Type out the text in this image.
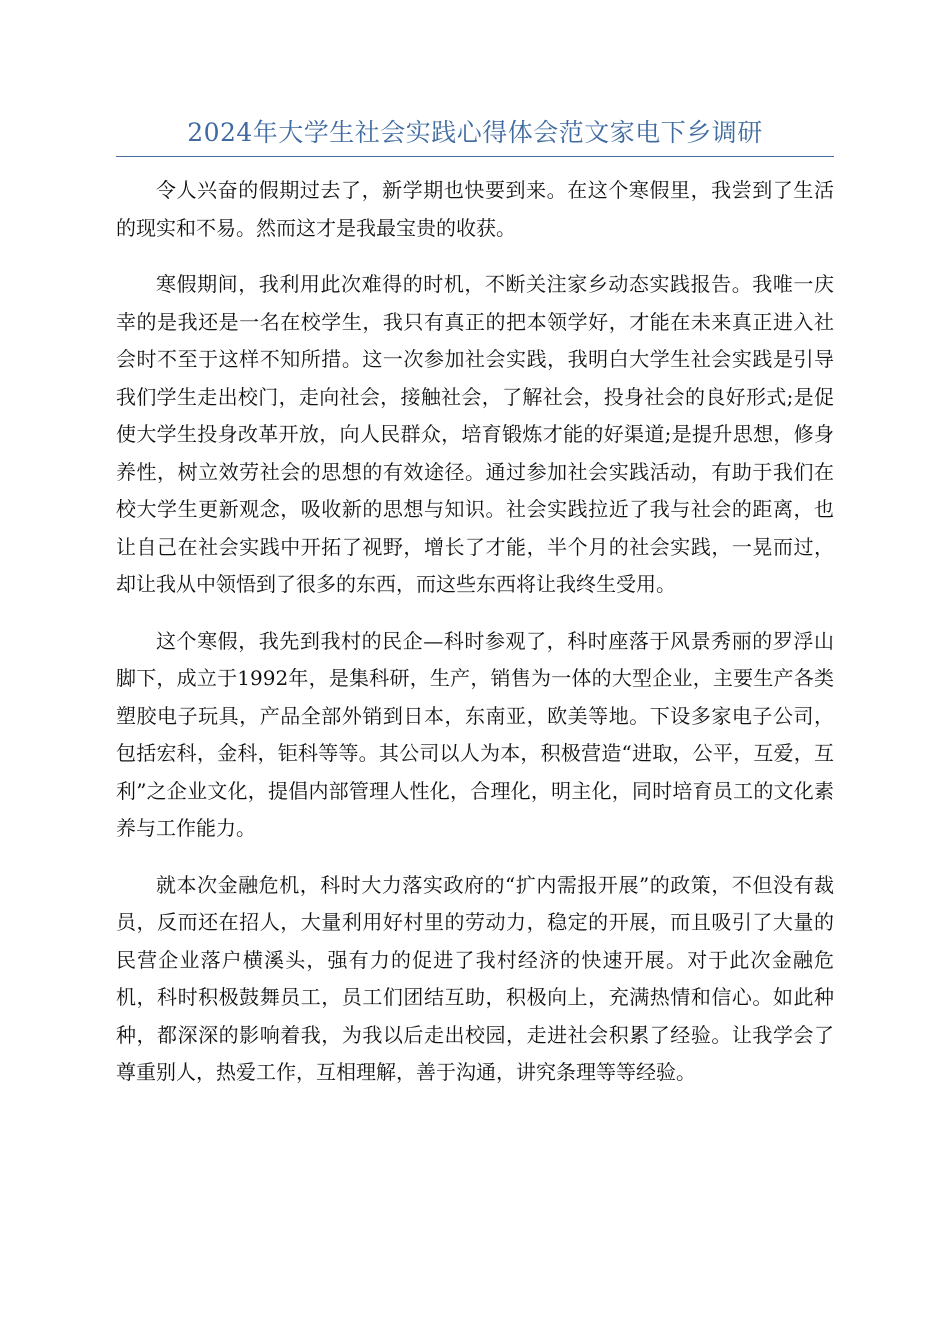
2024年大学生社会实践心得体会范文家电下乡调研

令人兴奋的假期过去了，新学期也快要到来。在这个寒假里，我尝到了生活的现实和不易。然而这才是我最宝贵的收获。

寒假期间，我利用此次难得的时机，不断关注家乡动态实践报告。我唯一庆幸的是我还是一名在校学生，我只有真正的把本领学好，才能在未来真正进入社会时不至于这样不知所措。这一次参加社会实践，我明白大学生社会实践是引导我们学生走出校门，走向社会，接触社会，了解社会，投身社会的良好形式;是促使大学生投身改革开放，向人民群众，培育锻炼才能的好渠道;是提升思想，修身养性，树立效劳社会的思想的有效途径。通过参加社会实践活动，有助于我们在校大学生更新观念，吸收新的思想与知识。社会实践拉近了我与社会的距离，也让自己在社会实践中开拓了视野，增长了才能，半个月的社会实践，一晃而过，却让我从中领悟到了很多的东西，而这些东西将让我终生受用。

这个寒假，我先到我村的民企—科时参观了，科时座落于风景秀丽的罗浮山脚下，成立于1992年，是集科研，生产，销售为一体的大型企业，主要生产各类塑胶电子玩具，产品全部外销到日本，东南亚，欧美等地。下设多家电子公司，包括宏科，金科，钜科等等。其公司以人为本，积极营造“进取，公平，互爱，互利”之企业文化，提倡内部管理人性化，合理化，明主化，同时培育员工的文化素养与工作能力。

就本次金融危机，科时大力落实政府的“扩内需报开展”的政策，不但没有裁员，反而还在招人，大量利用好村里的劳动力，稳定的开展，而且吸引了大量的民营企业落户横溪头，强有力的促进了我村经济的快速开展。对于此次金融危机，科时积极鼓舞员工，员工们团结互助，积极向上，充满热情和信心。如此种种，都深深的影响着我，为我以后走出校园，走进社会积累了经验。让我学会了尊重别人，热爱工作，互相理解，善于沟通，讲究条理等等经验。
